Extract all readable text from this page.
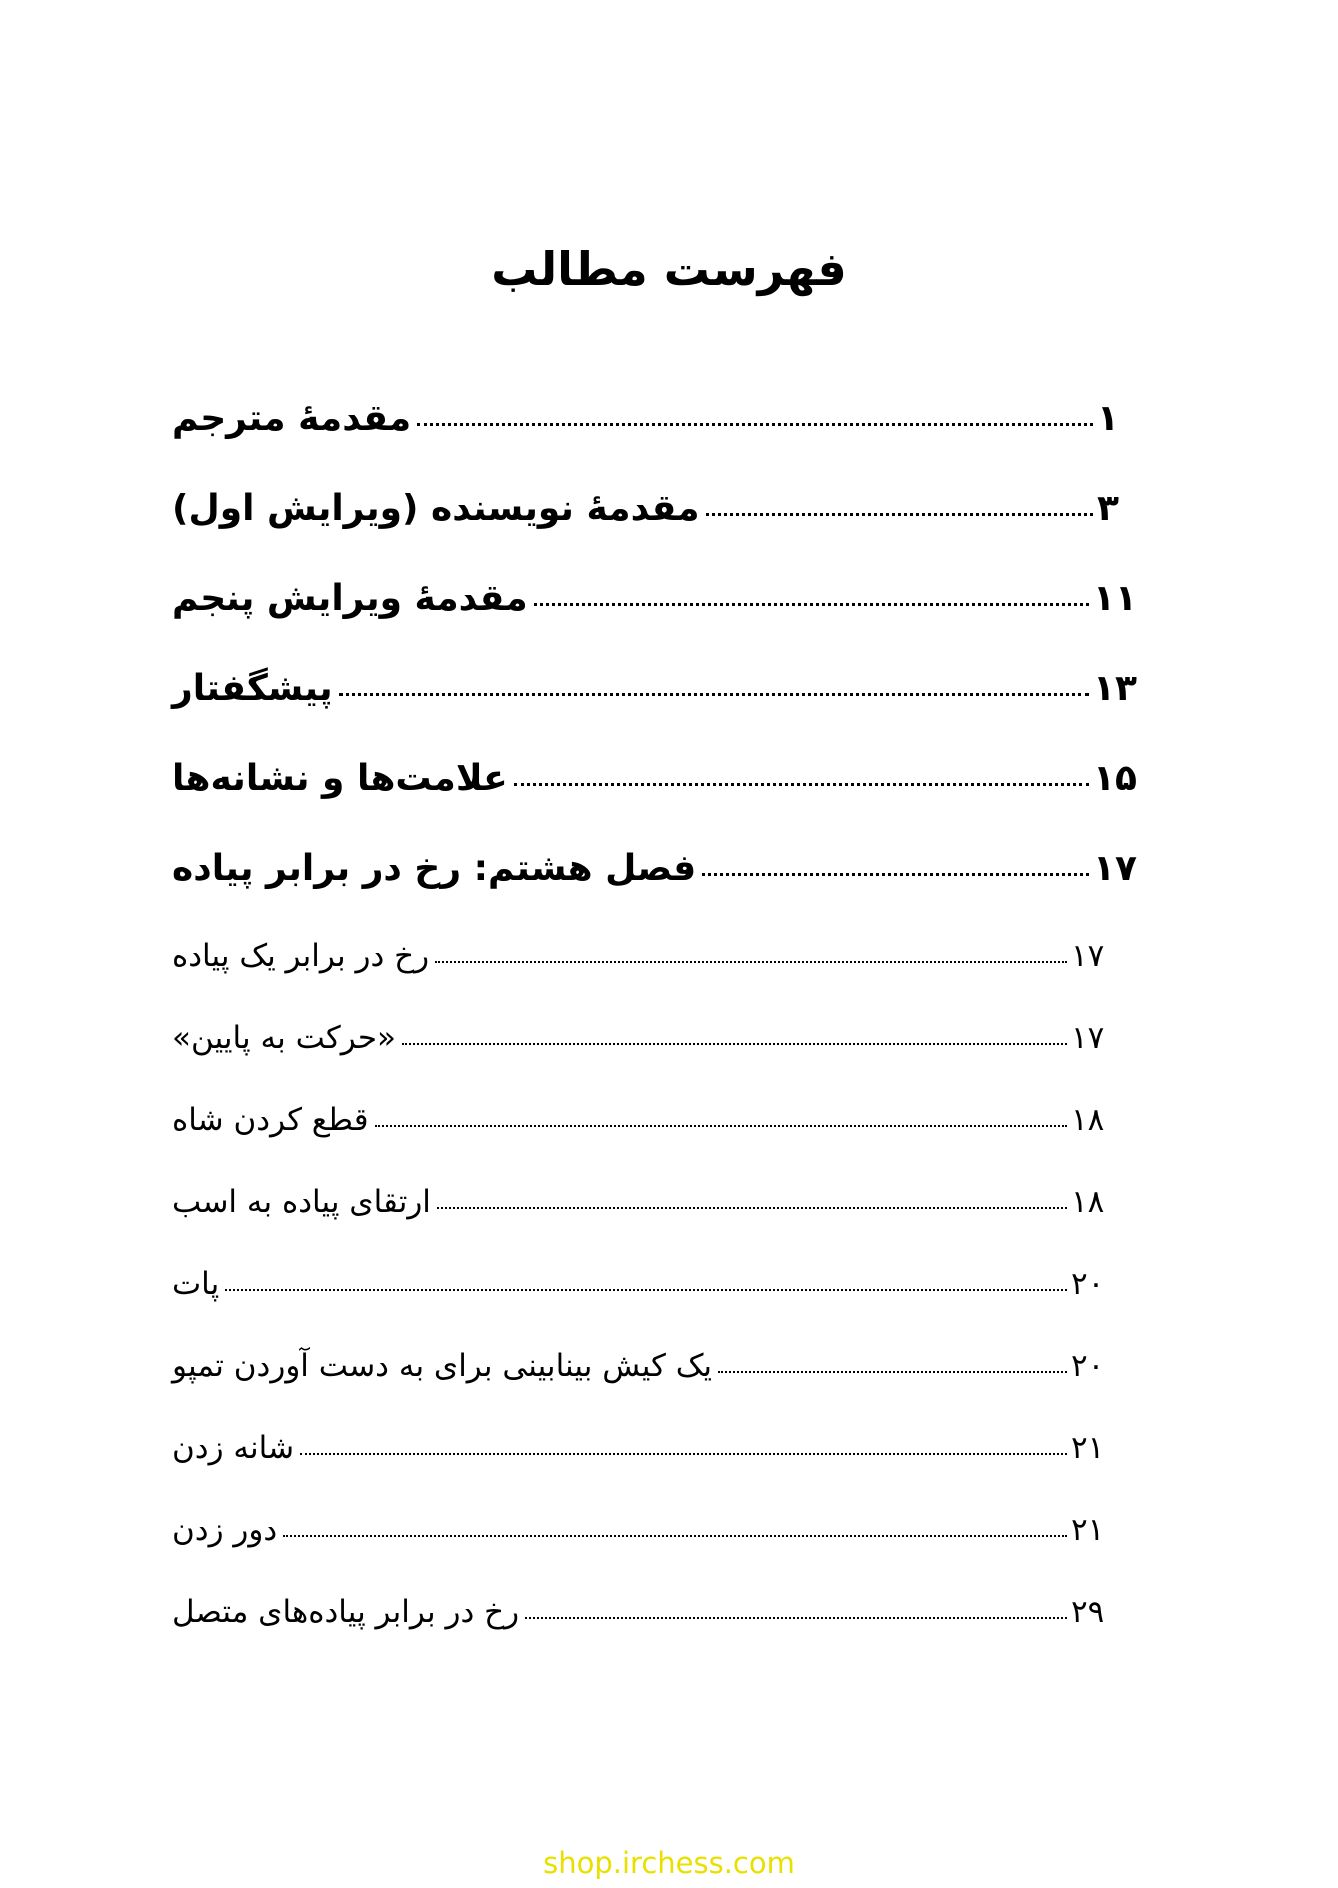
فهرست مطالب
مقدمۀ مترجم	۱
مقدمۀ نویسنده (ویرایش اول)	۳
مقدمۀ ویرایش پنجم	۱۱
پیشگفتار	۱۳
علامت‌ها و نشانه‌ها	۱۵
فصل هشتم: رخ در برابر پیاده	۱۷
رخ در برابر یک پیاده	۱۷
«حرکت به پایین»	۱۷
قطع کردن شاه	۱۸
ارتقای پیاده به اسب	۱۸
پات	۲۰
یک کیش بینابینی برای به دست آوردن تمپو	۲۰
شانه زدن	۲۱
دور زدن	۲۱
رخ در برابر پیاده‌های متصل	۲۹
shop.irchess.com
